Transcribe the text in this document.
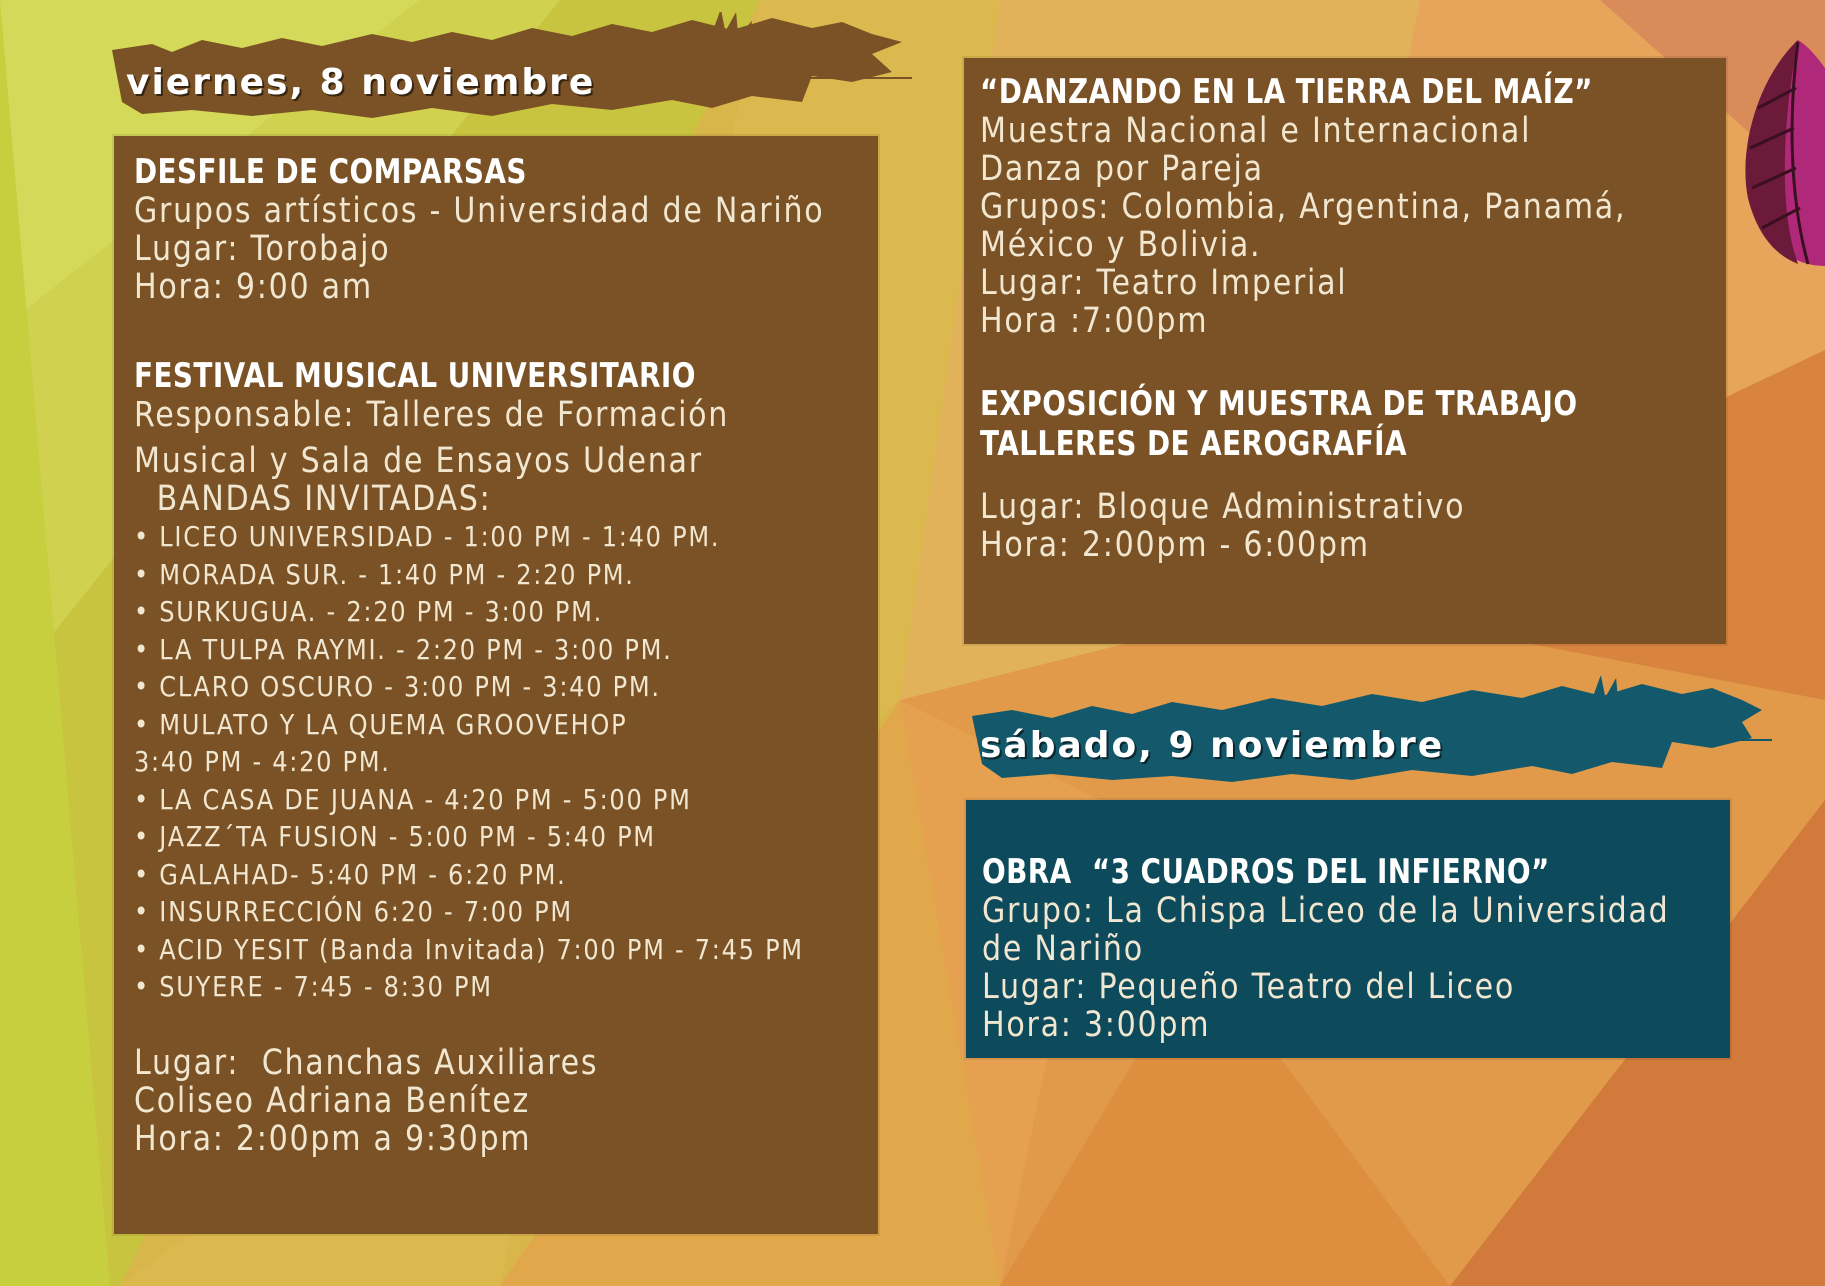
viernes, 8 noviembre
DESFILE DE COMPARSAS
Grupos artísticos - Universidad de Nariño
Lugar: Torobajo
Hora: 9:00 am
FESTIVAL MUSICAL UNIVERSITARIO
Responsable: Talleres de Formación
Musical y Sala de Ensayos Udenar
BANDAS INVITADAS:
• LICEO UNIVERSIDAD - 1:00 PM - 1:40 PM.
• MORADA SUR. - 1:40 PM - 2:20 PM.
• SURKUGUA. - 2:20 PM - 3:00 PM.
• LA TULPA RAYMI. - 2:20 PM - 3:00 PM.
• CLARO OSCURO - 3:00 PM - 3:40 PM.
• MULATO Y LA QUEMA GROOVEHOP
3:40 PM - 4:20 PM.
• LA CASA DE JUANA - 4:20 PM - 5:00 PM
• JAZZ´TA FUSION - 5:00 PM - 5:40 PM
• GALAHAD- 5:40 PM - 6:20 PM.
• INSURRECCIÓN 6:20 - 7:00 PM
• ACID YESIT (Banda Invitada) 7:00 PM - 7:45 PM
• SUYERE - 7:45 - 8:30 PM
Lugar:  Chanchas Auxiliares
Coliseo Adriana Benítez
Hora: 2:00pm a 9:30pm
“DANZANDO EN LA TIERRA DEL MAÍZ”
Muestra Nacional e Internacional
Danza por Pareja
Grupos: Colombia, Argentina, Panamá,
México y Bolivia.
Lugar: Teatro Imperial
Hora :7:00pm
EXPOSICIÓN Y MUESTRA DE TRABAJO
TALLERES DE AEROGRAFÍA
Lugar: Bloque Administrativo
Hora: 2:00pm - 6:00pm
sábado, 9 noviembre
OBRA  “3 CUADROS DEL INFIERNO”
Grupo: La Chispa Liceo de la Universidad
de Nariño
Lugar: Pequeño Teatro del Liceo
Hora: 3:00pm
